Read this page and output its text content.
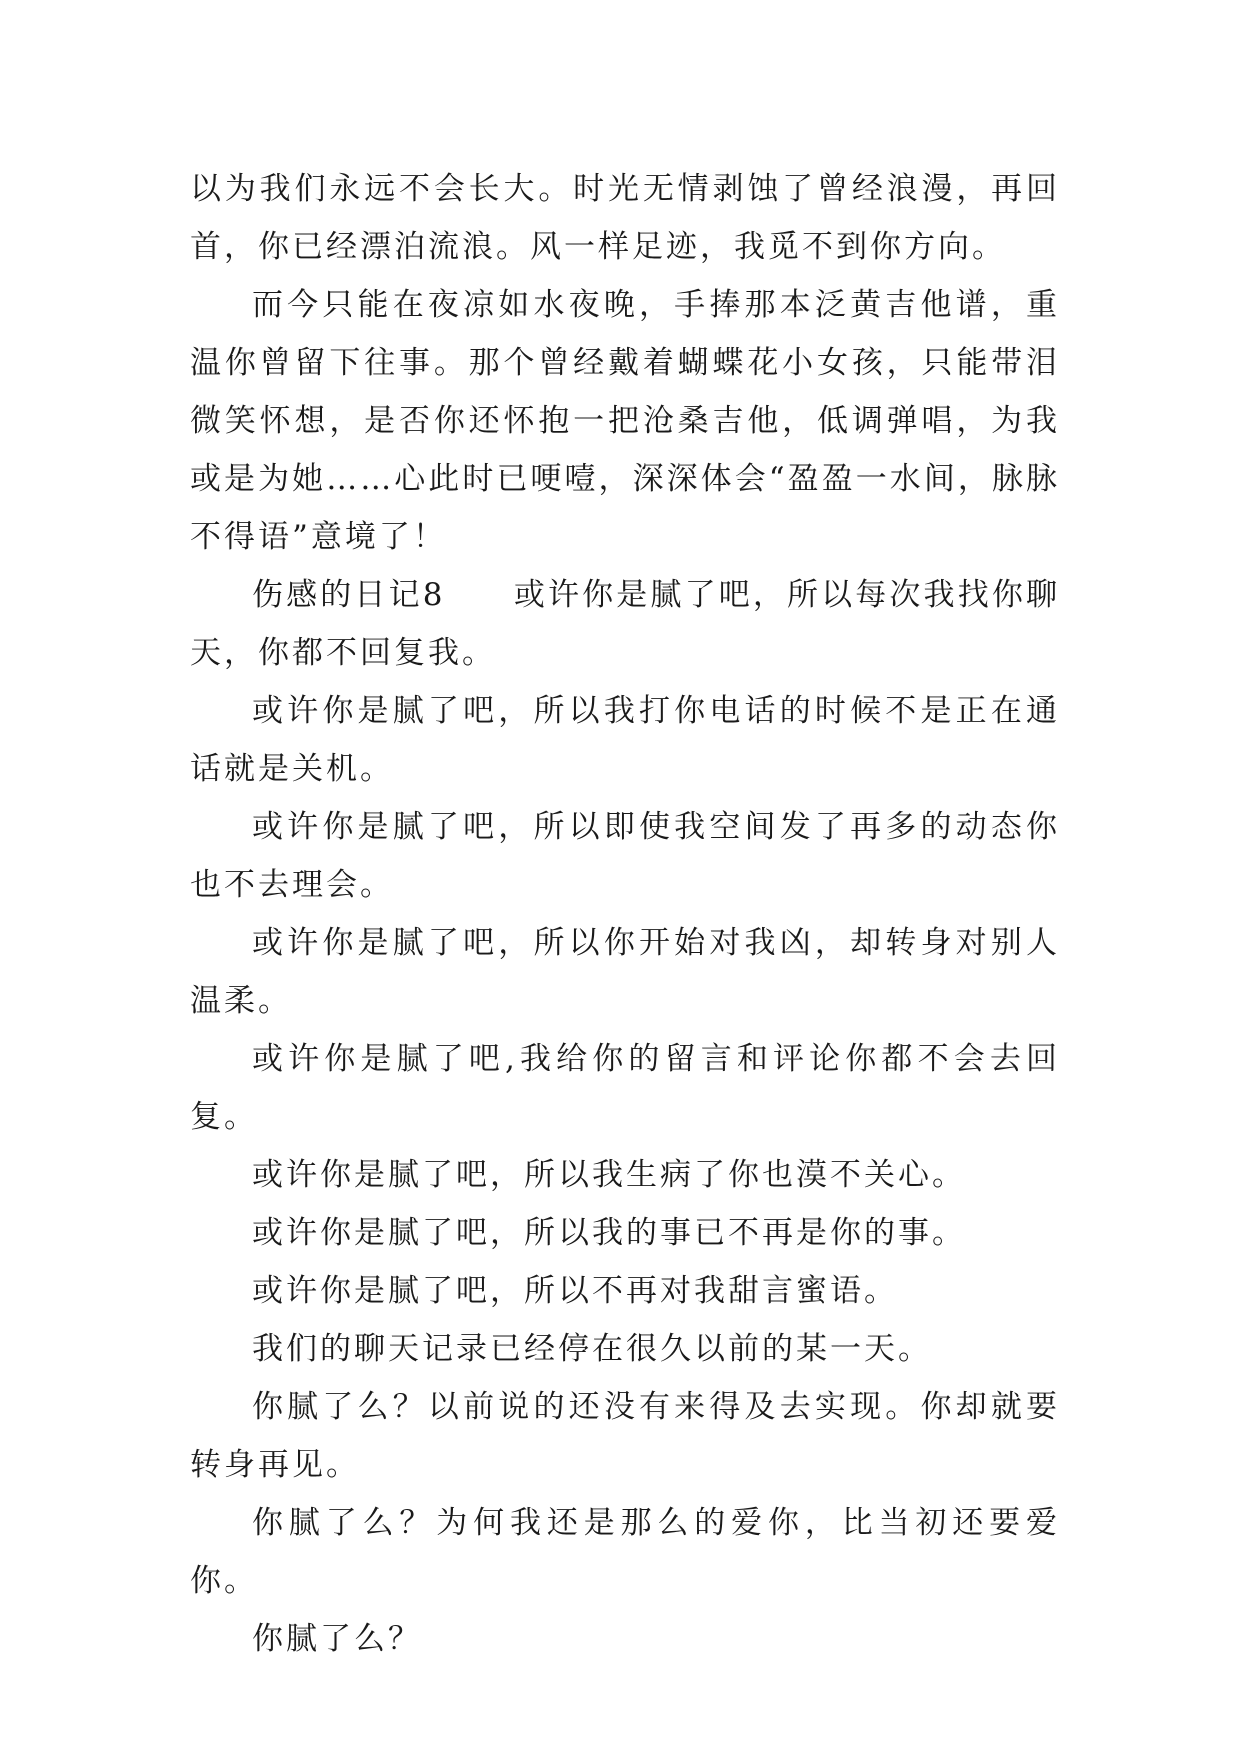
以为我们永远不会长大。时光无情剥蚀了曾经浪漫，再回首，你已经漂泊流浪。风一样足迹，我觅不到你方向。

而今只能在夜凉如水夜晚，手捧那本泛黄吉他谱，重温你曾留下往事。那个曾经戴着蝴蝶花小女孩，只能带泪微笑怀想，是否你还怀抱一把沧桑吉他，低调弹唱，为我或是为她……心此时已哽噎，深深体会“盈盈一水间，脉脉不得语”意境了！

伤感的日记8　　或许你是腻了吧，所以每次我找你聊天，你都不回复我。

或许你是腻了吧，所以我打你电话的时候不是正在通话就是关机。

或许你是腻了吧，所以即使我空间发了再多的动态你也不去理会。

或许你是腻了吧，所以你开始对我凶，却转身对别人温柔。

或许你是腻了吧,我给你的留言和评论你都不会去回复。

或许你是腻了吧，所以我生病了你也漠不关心。

或许你是腻了吧，所以我的事已不再是你的事。

或许你是腻了吧，所以不再对我甜言蜜语。

我们的聊天记录已经停在很久以前的某一天。

你腻了么？以前说的还没有来得及去实现。你却就要转身再见。

你腻了么？为何我还是那么的爱你，比当初还要爱你。

你腻了么？
